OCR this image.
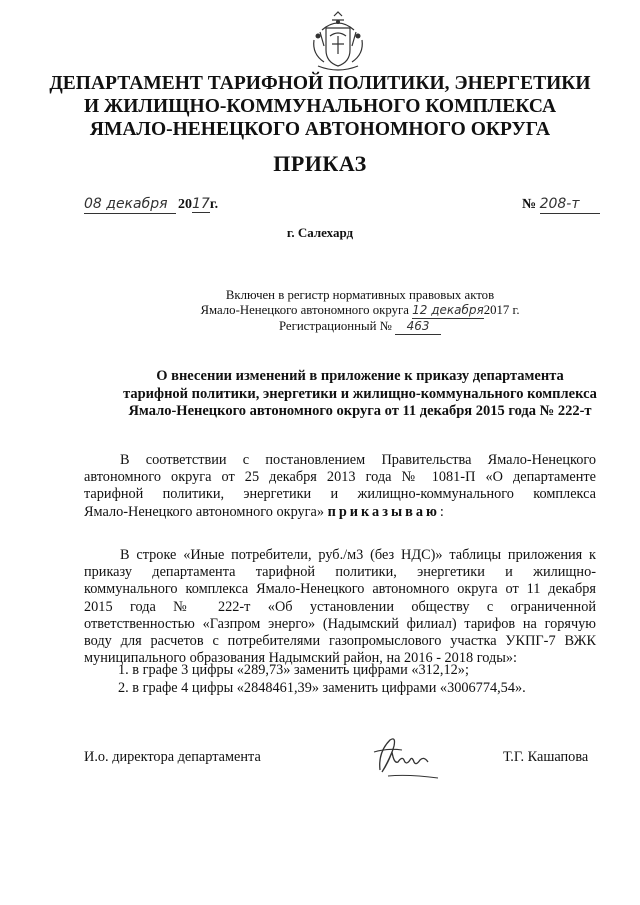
ДЕПАРТАМЕНТ ТАРИФНОЙ ПОЛИТИКИ, ЭНЕРГЕТИКИ
И ЖИЛИЩНО-КОММУНАЛЬНОГО КОМПЛЕКСА
ЯМАЛО-НЕНЕЦКОГО АВТОНОМНОГО ОКРУГА
ПРИКАЗ
08 декабря 2017г.	№ 208-т
г. Салехард
Включен в регистр нормативных правовых актов
Ямало-Ненецкого автономного округа 12 декабря2017 г.
Регистрационный № 463
О внесении изменений в приложение к приказу департамента
тарифной политики, энергетики и жилищно-коммунального комплекса
Ямало-Ненецкого автономного округа от 11 декабря 2015 года № 222-т
В соответствии с постановлением Правительства Ямало-Ненецкого
автономного округа от 25 декабря 2013 года № 1081-П «О департаменте
тарифной политики, энергетики и жилищно-коммунального комплекса
Ямало-Ненецкого автономного округа» приказываю:
В строке «Иные потребители, руб./м3 (без НДС)» таблицы приложения к
приказу департамента тарифной политики, энергетики и жилищно-
коммунального комплекса Ямало-Ненецкого автономного округа от 11 декабря
2015 года № 222-т «Об установлении обществу с ограниченной
ответственностью «Газпром энерго» (Надымский филиал) тарифов на горячую
воду для расчетов с потребителями газопромыслового участка УКПГ-7 ВЖК
муниципального образования Надымский район, на 2016 - 2018 годы»:
1. в графе 3 цифры «289,73» заменить цифрами «312,12»;
2. в графе 4 цифры «2848461,39» заменить цифрами «3006774,54».
И.о. директора департамента	Т.Г. Кашапова
